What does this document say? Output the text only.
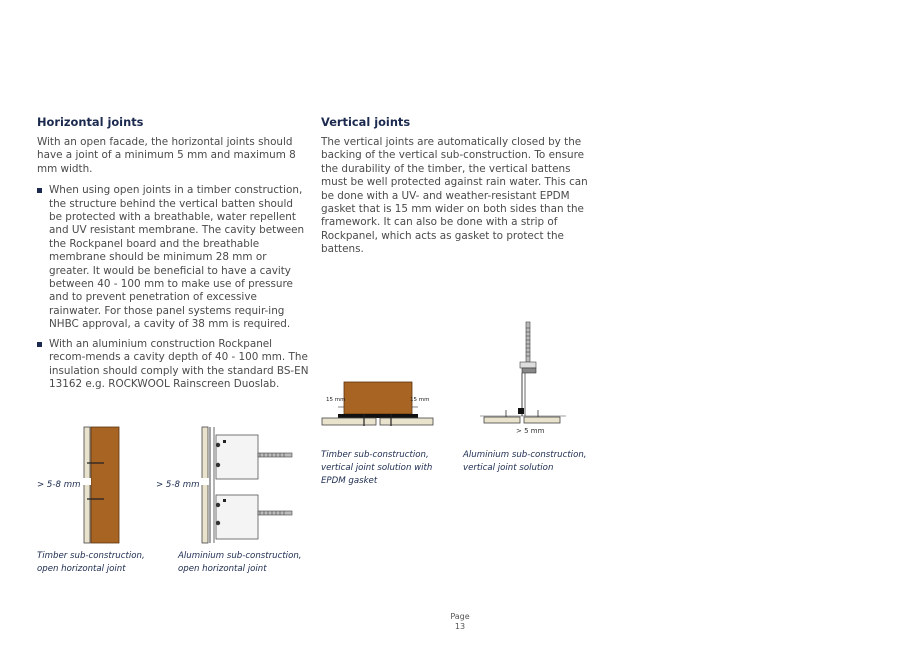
Horizontal joints

With an open facade, the horizontal joints should have a joint of a minimum 5 mm and maximum 8 mm width.

When using open joints in a timber construction, the structure behind the vertical batten should be protected with a breathable, water repellent and UV resistant membrane. The cavity between the Rockpanel board and the breathable membrane should be minimum 28 mm or greater. It would be beneficial to have a cavity between 40 - 100 mm to make use of pressure and to prevent penetration of excessive rainwater. For those panel systems requir-ing NHBC approval, a cavity of 38 mm is required.
With an aluminium construction Rockpanel recom-mends a cavity depth of 40 - 100 mm. The insulation should comply with the standard BS-EN 13162 e.g. ROCKWOOL Rainscreen Duoslab.
Vertical joints

The vertical joints are automatically closed by the backing of the vertical sub-construction. To ensure the durability of the timber, the vertical battens must be well protected against rain water. This can be done with a UV- and weather-resistant EPDM gasket that is 15 mm wider on both sides than the framework. It can also be done with a strip of Rockpanel, which acts as gasket to protect the battens.

> 5-8 mm	> 5-8 mm
Timber sub-construction,
open horizontal joint
Aluminium sub-construction,
open horizontal joint
15 mm	15 mm
Timber sub-construction,
vertical joint solution with
EPDM gasket
> 5 mm
Aluminium sub-construction,
vertical joint solution
Page
13
